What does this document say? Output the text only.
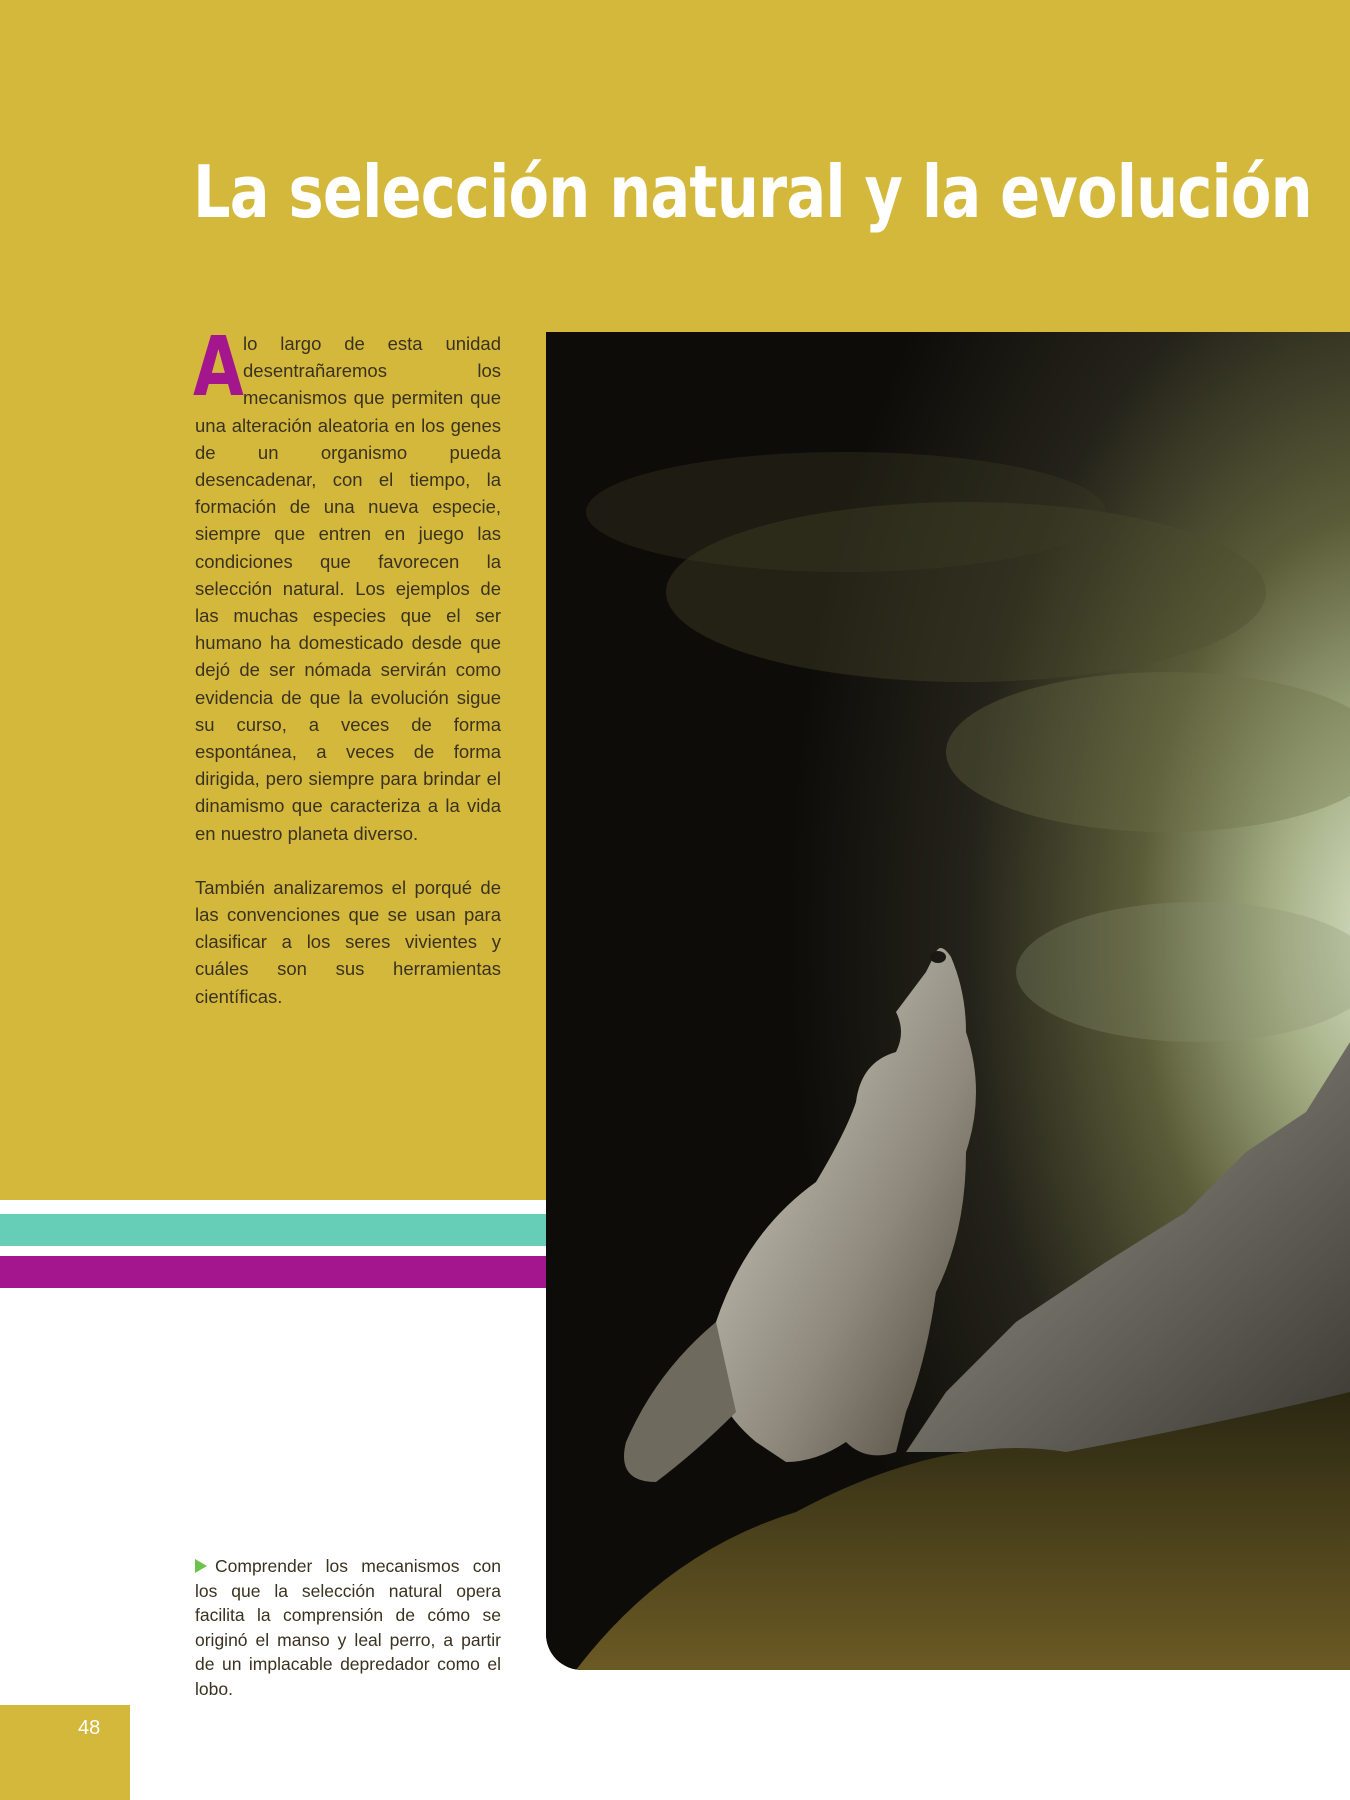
La selección natural y la evolución

Alo largo de esta unidad desentrañaremos los mecanismos que permiten que una alteración aleatoria en los genes de un organismo pueda desencadenar, con el tiempo, la formación de una nueva especie, siempre que entren en juego las condiciones que favorecen la selección natural. Los ejemplos de las muchas especies que el ser humano ha domesticado desde que dejó de ser nómada servirán como evidencia de que la evolución sigue su curso, a veces de forma espontánea, a veces de forma dirigida, pero siempre para brindar el dinamismo que caracteriza a la vida en nuestro planeta diverso.

También analizaremos el porqué de las convenciones que se usan para clasificar a los seres vivientes y cuáles son sus herramientas científicas.

Comprender los mecanismos con los que la selección natural opera facilita la comprensión de cómo se originó el manso y leal perro, a partir de un implacable depredador como el lobo.

48
